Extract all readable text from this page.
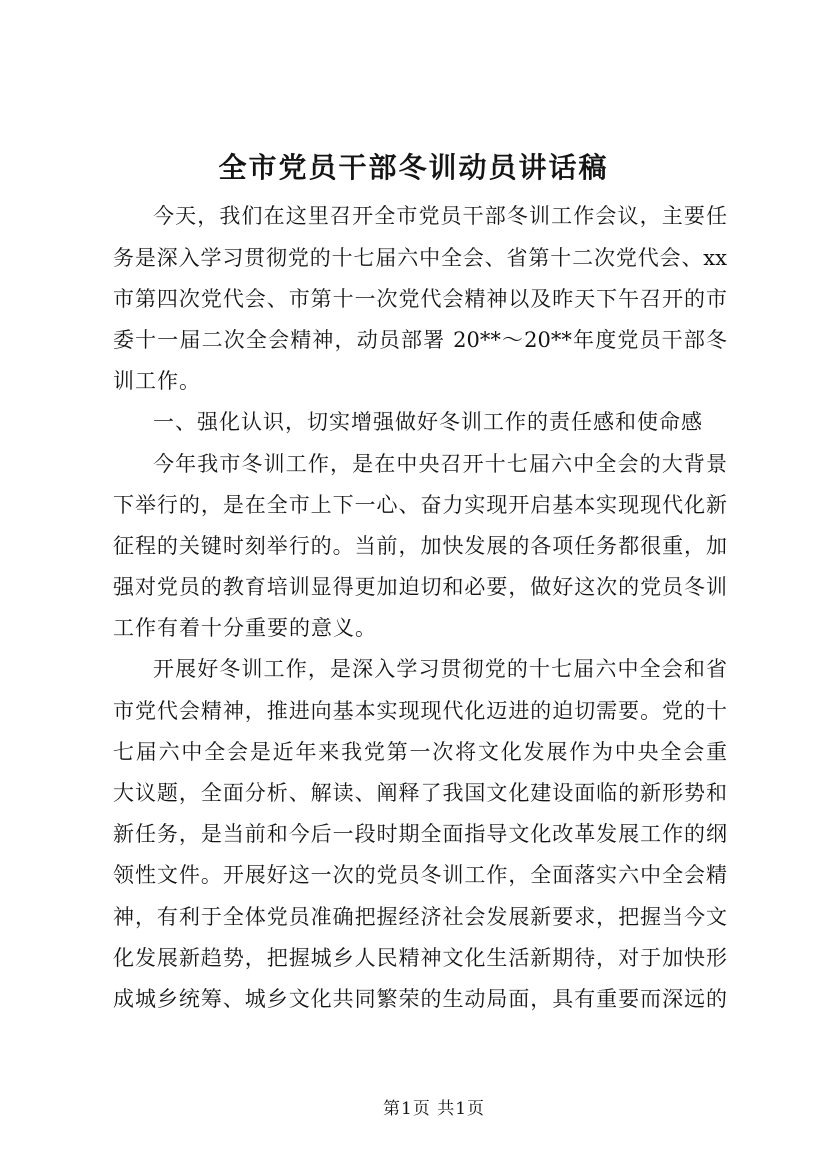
全市党员干部冬训动员讲话稿
今天，我们在这里召开全市党员干部冬训工作会议，主要任
务是深入学习贯彻党的十七届六中全会、省第十二次党代会、xx
市第四次党代会、市第十一次党代会精神以及昨天下午召开的市
委十一届二次全会精神，动员部署 20**～20**年度党员干部冬
训工作。
一、强化认识，切实增强做好冬训工作的责任感和使命感
今年我市冬训工作，是在中央召开十七届六中全会的大背景
下举行的，是在全市上下一心、奋力实现开启基本实现现代化新
征程的关键时刻举行的。当前，加快发展的各项任务都很重，加
强对党员的教育培训显得更加迫切和必要，做好这次的党员冬训
工作有着十分重要的意义。
开展好冬训工作，是深入学习贯彻党的十七届六中全会和省
市党代会精神，推进向基本实现现代化迈进的迫切需要。党的十
七届六中全会是近年来我党第一次将文化发展作为中央全会重
大议题，全面分析、解读、阐释了我国文化建设面临的新形势和
新任务，是当前和今后一段时期全面指导文化改革发展工作的纲
领性文件。开展好这一次的党员冬训工作，全面落实六中全会精
神，有利于全体党员准确把握经济社会发展新要求，把握当今文
化发展新趋势，把握城乡人民精神文化生活新期待，对于加快形
成城乡统筹、城乡文化共同繁荣的生动局面，具有重要而深远的
第1页 共1页
